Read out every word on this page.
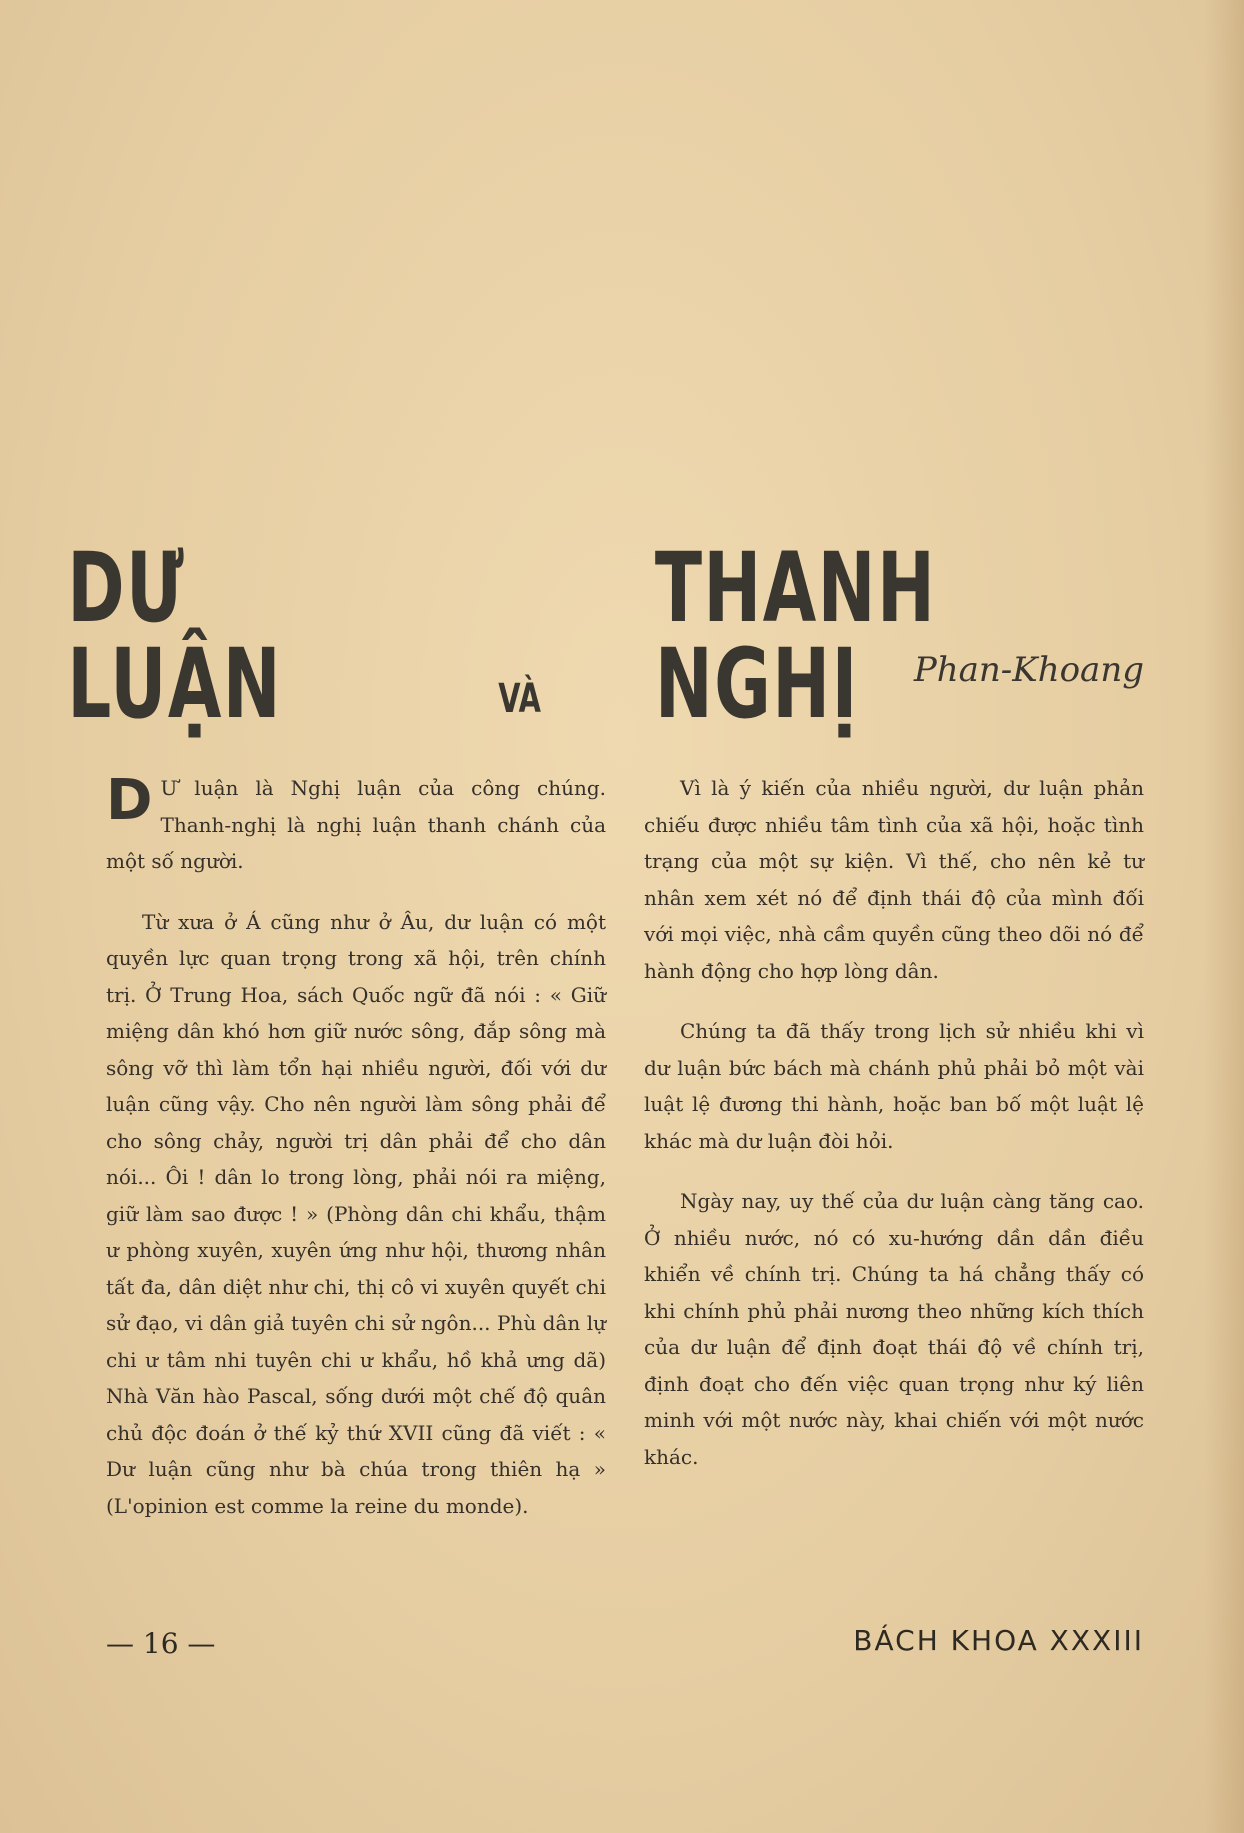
DƯ LUẬN	VÀ
THANH NGHỊ	Phan-Khoang

D Ư luận là Nghị luận của công chúng. Thanh-nghị là nghị luận thanh chánh của một số người.

Từ xưa ở Á cũng như ở Âu, dư luận có một quyền lực quan trọng trong xã hội, trên chính trị. Ở Trung Hoa, sách Quốc ngữ đã nói : « Giữ miệng dân khó hơn giữ nước sông, đắp sông mà sông vỡ thì làm tổn hại nhiều người, đối với dư luận cũng vậy. Cho nên người làm sông phải để cho sông chảy, người trị dân phải để cho dân nói... Ôi ! dân lo trong lòng, phải nói ra miệng, giữ làm sao được ! » (Phòng dân chi khẩu, thậm ư phòng xuyên, xuyên ứng như hội, thương nhân tất đa, dân diệt như chi, thị cô vi xuyên quyết chi sử đạo, vi dân giả tuyên chi sử ngôn... Phù dân lự chi ư tâm nhi tuyên chi ư khẩu, hồ khả ưng dã) Nhà Văn hào Pascal, sống dưới một chế độ quân chủ độc đoán ở thế kỷ thứ XVII cũng đã viết : « Dư luận cũng như bà chúa trong thiên hạ » (L'opinion est comme la reine du monde).

Vì là ý kiến của nhiều người, dư luận phản chiếu được nhiều tâm tình của xã hội, hoặc tình trạng của một sự kiện. Vì thế, cho nên kẻ tư nhân xem xét nó để định thái độ của mình đối với mọi việc, nhà cầm quyền cũng theo dõi nó để hành động cho hợp lòng dân.

Chúng ta đã thấy trong lịch sử nhiều khi vì dư luận bức bách mà chánh phủ phải bỏ một vài luật lệ đương thi hành, hoặc ban bố một luật lệ khác mà dư luận đòi hỏi.

Ngày nay, uy thế của dư luận càng tăng cao. Ở nhiều nước, nó có xu-hướng dần dần điều khiển về chính trị. Chúng ta há chẳng thấy có khi chính phủ phải nương theo những kích thích của dư luận để định đoạt thái độ về chính trị, định đoạt cho đến việc quan trọng như ký liên minh với một nước này, khai chiến với một nước khác.

— 16 —	BÁCH KHOA XXXIII
